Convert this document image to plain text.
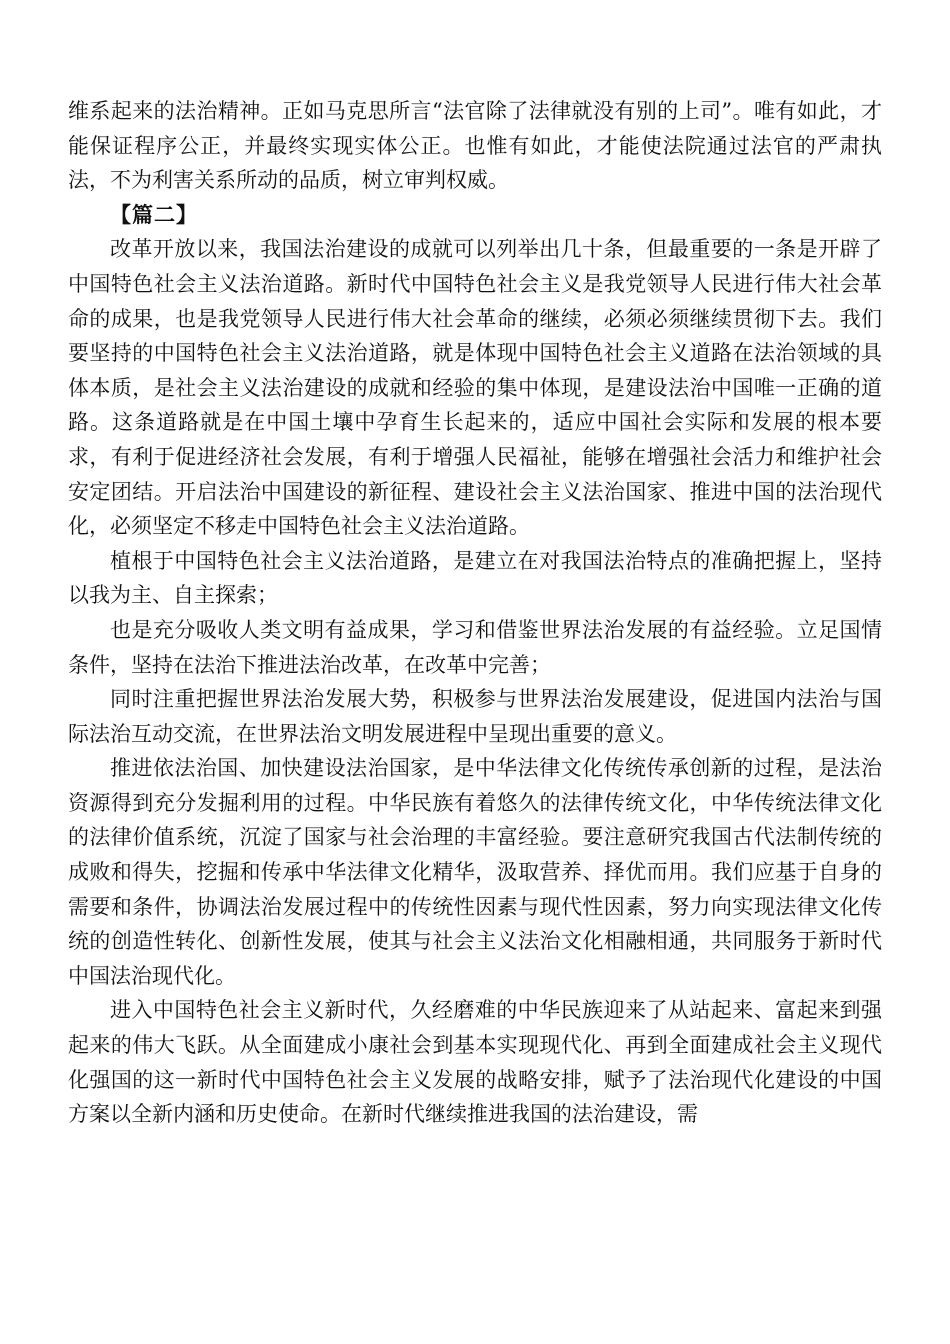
维系起来的法治精神。正如马克思所言“法官除了法律就没有别的上司”。唯有如此，才能保证程序公正，并最终实现实体公正。也惟有如此，才能使法院通过法官的严肃执法，不为利害关系所动的品质，树立审判权威。

【篇二】

改革开放以来，我国法治建设的成就可以列举出几十条，但最重要的一条是开辟了中国特色社会主义法治道路。新时代中国特色社会主义是我党领导人民进行伟大社会革命的成果，也是我党领导人民进行伟大社会革命的继续，必须必须继续贯彻下去。我们要坚持的中国特色社会主义法治道路，就是体现中国特色社会主义道路在法治领域的具体本质，是社会主义法治建设的成就和经验的集中体现，是建设法治中国唯一正确的道路。这条道路就是在中国土壤中孕育生长起来的，适应中国社会实际和发展的根本要求，有利于促进经济社会发展，有利于增强人民福祉，能够在增强社会活力和维护社会安定团结。开启法治中国建设的新征程、建设社会主义法治国家、推进中国的法治现代化，必须坚定不移走中国特色社会主义法治道路。

植根于中国特色社会主义法治道路，是建立在对我国法治特点的准确把握上，坚持以我为主、自主探索；

也是充分吸收人类文明有益成果，学习和借鉴世界法治发展的有益经验。立足国情条件，坚持在法治下推进法治改革，在改革中完善；

同时注重把握世界法治发展大势，积极参与世界法治发展建设，促进国内法治与国际法治互动交流，在世界法治文明发展进程中呈现出重要的意义。

推进依法治国、加快建设法治国家，是中华法律文化传统传承创新的过程，是法治资源得到充分发掘利用的过程。中华民族有着悠久的法律传统文化，中华传统法律文化的法律价值系统，沉淀了国家与社会治理的丰富经验。要注意研究我国古代法制传统的成败和得失，挖掘和传承中华法律文化精华，汲取营养、择优而用。我们应基于自身的需要和条件，协调法治发展过程中的传统性因素与现代性因素，努力向实现法律文化传统的创造性转化、创新性发展，使其与社会主义法治文化相融相通，共同服务于新时代中国法治现代化。

进入中国特色社会主义新时代，久经磨难的中华民族迎来了从站起来、富起来到强起来的伟大飞跃。从全面建成小康社会到基本实现现代化、再到全面建成社会主义现代化强国的这一新时代中国特色社会主义发展的战略安排，赋予了法治现代化建设的中国方案以全新内涵和历史使命。在新时代继续推进我国的法治建设，需
